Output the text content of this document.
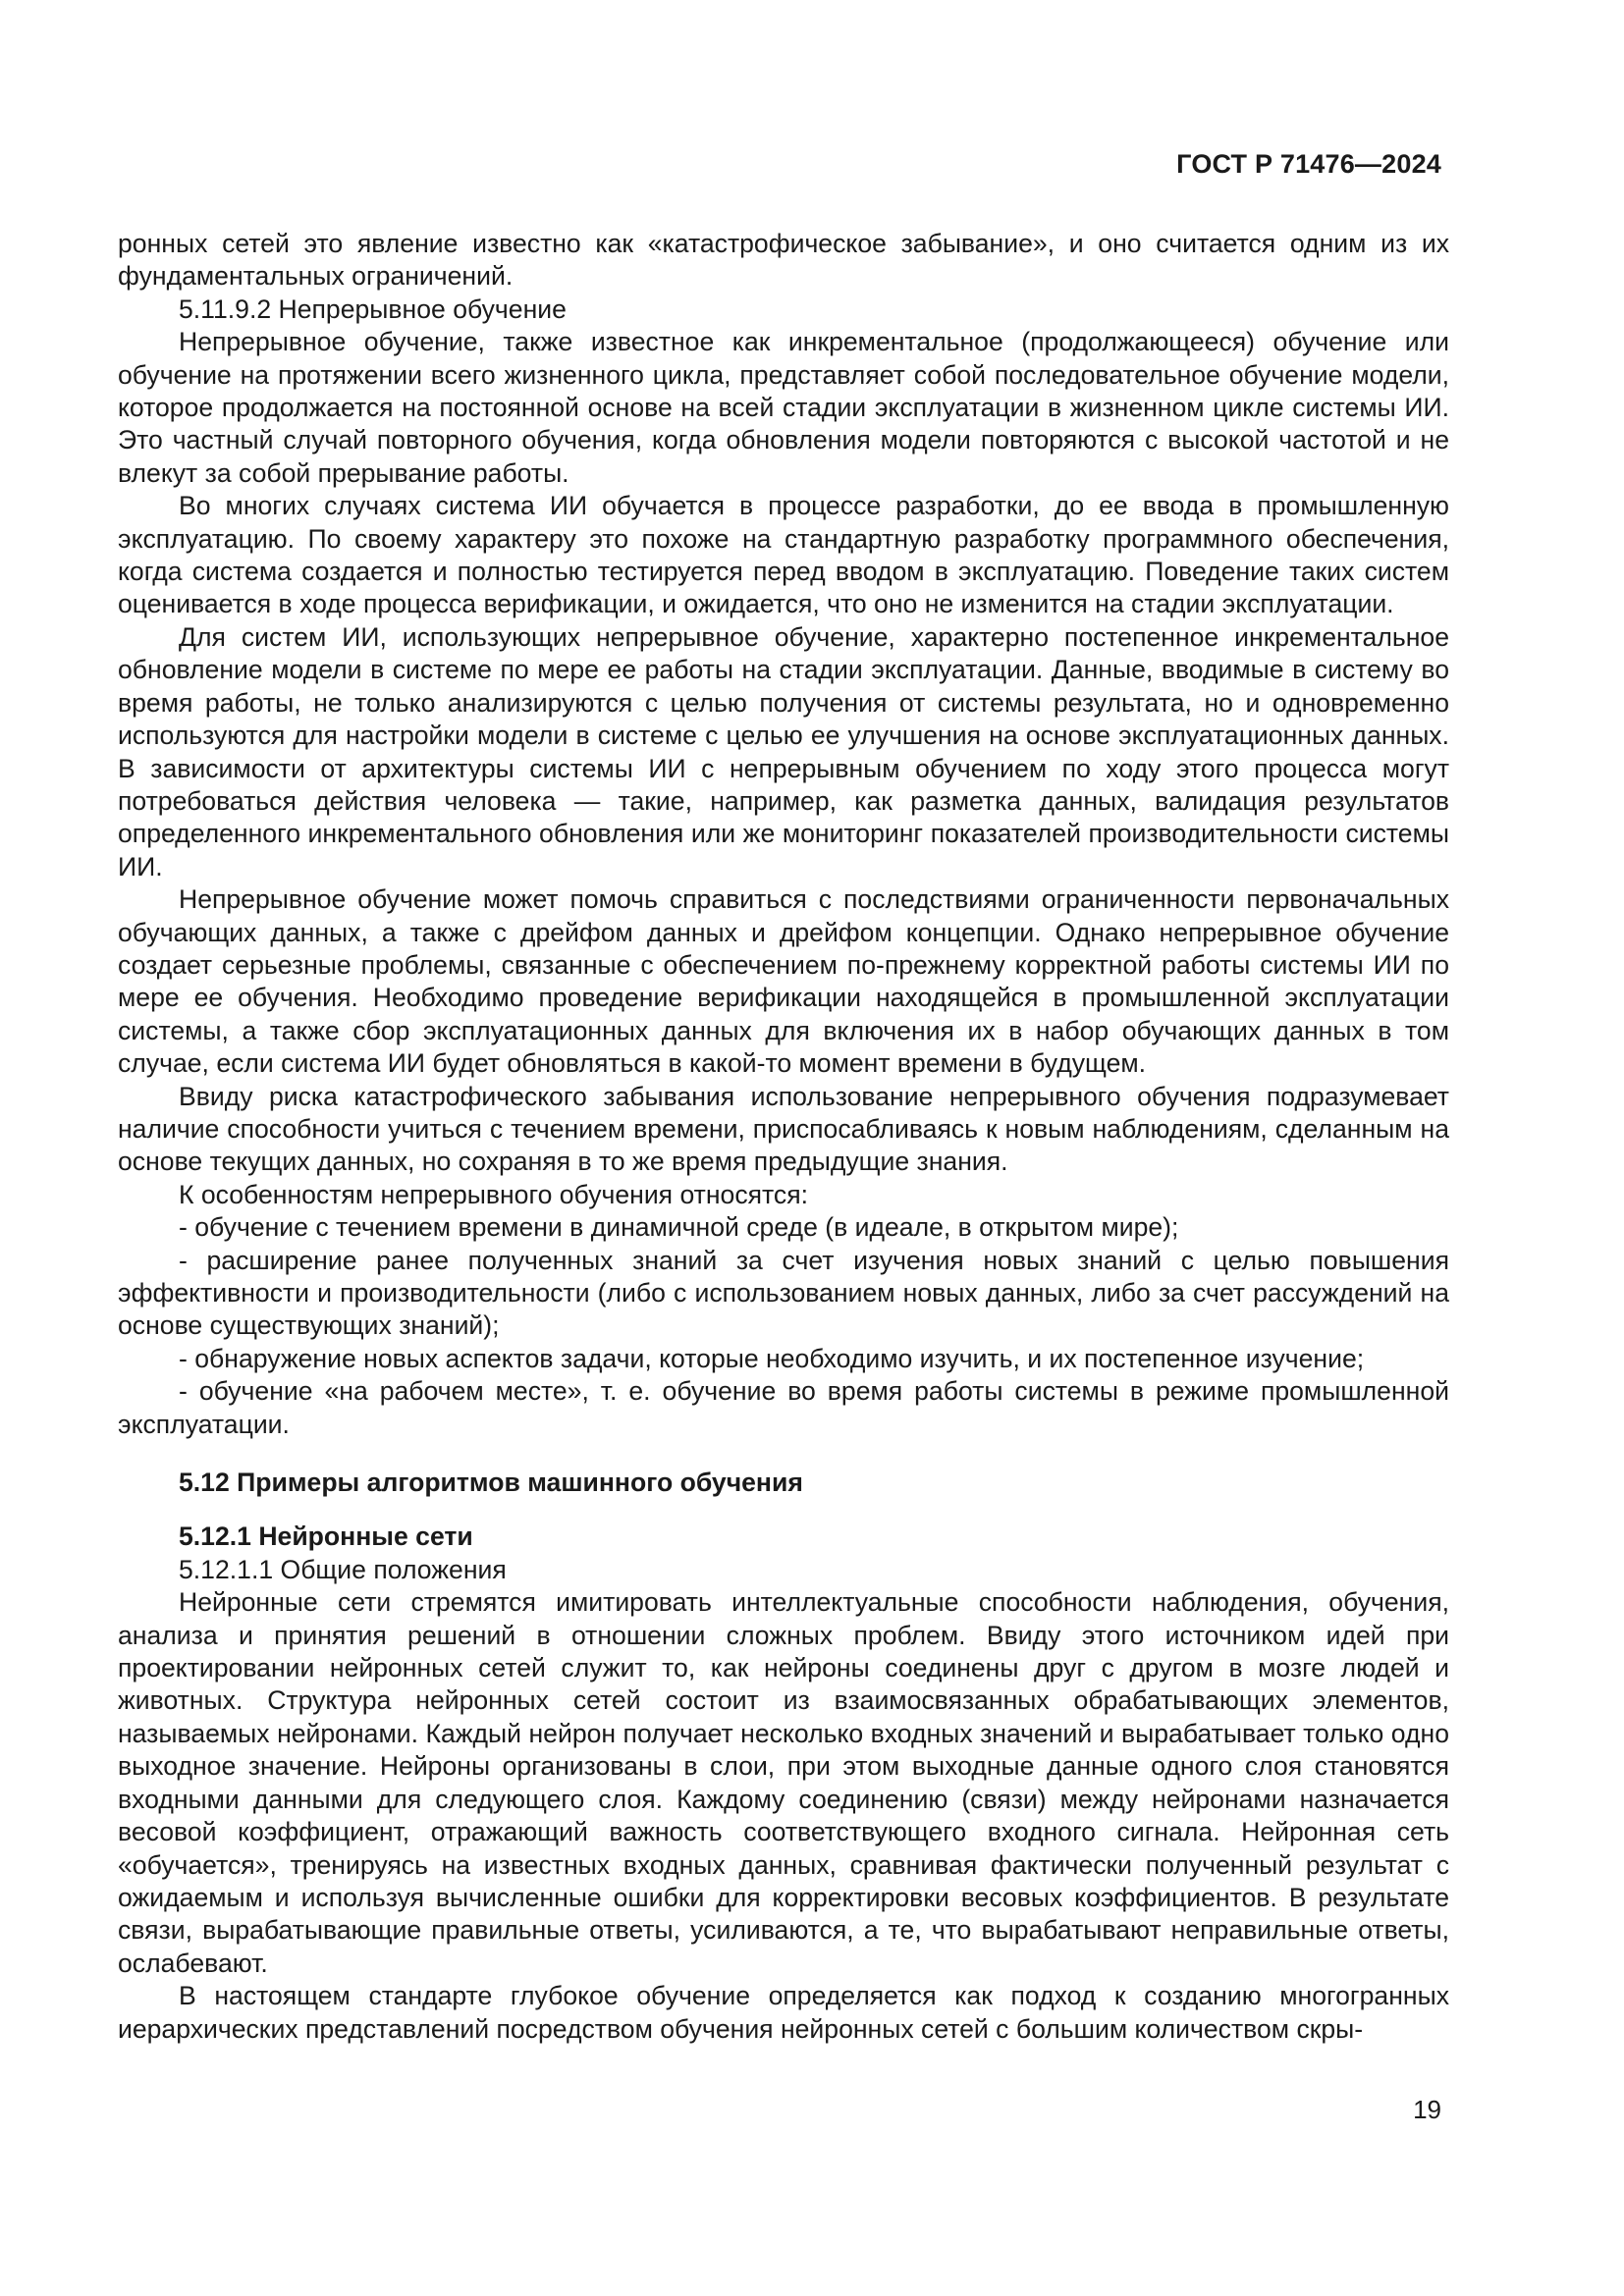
ГОСТ Р 71476—2024

ронных сетей это явление известно как «катастрофическое забывание», и оно считается одним из их фундаментальных ограничений.

5.11.9.2 Непрерывное обучение

Непрерывное обучение, также известное как инкрементальное (продолжающееся) обучение или обучение на протяжении всего жизненного цикла, представляет собой последовательное обучение модели, которое продолжается на постоянной основе на всей стадии эксплуатации в жизненном цикле системы ИИ. Это частный случай повторного обучения, когда обновления модели повторяются с высокой частотой и не влекут за собой прерывание работы.

Во многих случаях система ИИ обучается в процессе разработки, до ее ввода в промышленную эксплуатацию. По своему характеру это похоже на стандартную разработку программного обеспечения, когда система создается и полностью тестируется перед вводом в эксплуатацию. Поведение таких систем оценивается в ходе процесса верификации, и ожидается, что оно не изменится на стадии эксплуатации.

Для систем ИИ, использующих непрерывное обучение, характерно постепенное инкрементальное обновление модели в системе по мере ее работы на стадии эксплуатации. Данные, вводимые в систему во время работы, не только анализируются с целью получения от системы результата, но и одновременно используются для настройки модели в системе с целью ее улучшения на основе эксплуатационных данных. В зависимости от архитектуры системы ИИ с непрерывным обучением по ходу этого процесса могут потребоваться действия человека — такие, например, как разметка данных, валидация результатов определенного инкрементального обновления или же мониторинг показателей производительности системы ИИ.

Непрерывное обучение может помочь справиться с последствиями ограниченности первоначальных обучающих данных, а также с дрейфом данных и дрейфом концепции. Однако непрерывное обучение создает серьезные проблемы, связанные с обеспечением по-прежнему корректной работы системы ИИ по мере ее обучения. Необходимо проведение верификации находящейся в промышленной эксплуатации системы, а также сбор эксплуатационных данных для включения их в набор обучающих данных в том случае, если система ИИ будет обновляться в какой-то момент времени в будущем.

Ввиду риска катастрофического забывания использование непрерывного обучения подразумевает наличие способности учиться с течением времени, приспосабливаясь к новым наблюдениям, сделанным на основе текущих данных, но сохраняя в то же время предыдущие знания.

К особенностям непрерывного обучения относятся:

- обучение с течением времени в динамичной среде (в идеале, в открытом мире);

- расширение ранее полученных знаний за счет изучения новых знаний с целью повышения эффективности и производительности (либо с использованием новых данных, либо за счет рассуждений на основе существующих знаний);

- обнаружение новых аспектов задачи, которые необходимо изучить, и их постепенное изучение;

- обучение «на рабочем месте», т. е. обучение во время работы системы в режиме промышленной эксплуатации.

5.12 Примеры алгоритмов машинного обучения

5.12.1 Нейронные сети

5.12.1.1 Общие положения

Нейронные сети стремятся имитировать интеллектуальные способности наблюдения, обучения, анализа и принятия решений в отношении сложных проблем. Ввиду этого источником идей при проектировании нейронных сетей служит то, как нейроны соединены друг с другом в мозге людей и животных. Структура нейронных сетей состоит из взаимосвязанных обрабатывающих элементов, называемых нейронами. Каждый нейрон получает несколько входных значений и вырабатывает только одно выходное значение. Нейроны организованы в слои, при этом выходные данные одного слоя становятся входными данными для следующего слоя. Каждому соединению (связи) между нейронами назначается весовой коэффициент, отражающий важность соответствующего входного сигнала. Нейронная сеть «обучается», тренируясь на известных входных данных, сравнивая фактически полученный результат с ожидаемым и используя вычисленные ошибки для корректировки весовых коэффициентов. В результате связи, вырабатывающие правильные ответы, усиливаются, а те, что вырабатывают неправильные ответы, ослабевают.

В настоящем стандарте глубокое обучение определяется как подход к созданию многогранных иерархических представлений посредством обучения нейронных сетей с большим количеством скры-

19
